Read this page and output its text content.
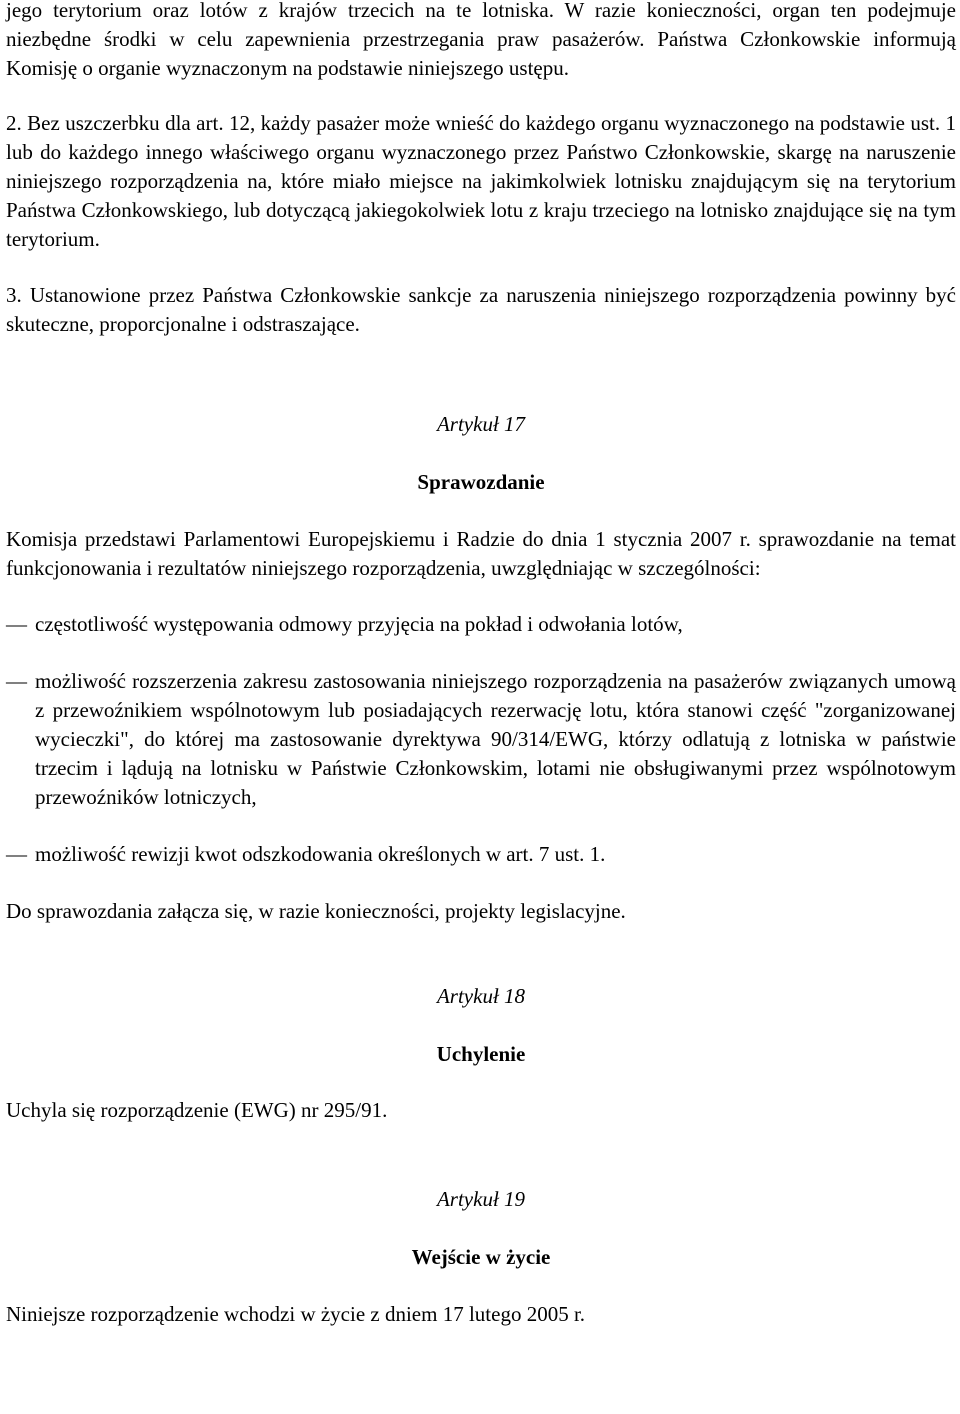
jego terytorium oraz lotów z krajów trzecich na te lotniska. W razie konieczności, organ ten podejmuje niezbędne środki w celu zapewnienia przestrzegania praw pasażerów. Państwa Członkowskie informują Komisję o organie wyznaczonym na podstawie niniejszego ustępu.

2. Bez uszczerbku dla art. 12, każdy pasażer może wnieść do każdego organu wyznaczonego na podstawie ust. 1 lub do każdego innego właściwego organu wyznaczonego przez Państwo Członkowskie, skargę na naruszenie niniejszego rozporządzenia na, które miało miejsce na jakimkolwiek lotnisku znajdującym się na terytorium Państwa Członkowskiego, lub dotyczącą jakiegokolwiek lotu z kraju trzeciego na lotnisko znajdujące się na tym terytorium.

3. Ustanowione przez Państwa Członkowskie sankcje za naruszenia niniejszego rozporządzenia powinny być skuteczne, proporcjonalne i odstraszające.

Artykuł 17

Sprawozdanie

Komisja przedstawi Parlamentowi Europejskiemu i Radzie do dnia 1 stycznia 2007 r. sprawozdanie na temat funkcjonowania i rezultatów niniejszego rozporządzenia, uwzględniając w szczególności:

— częstotliwość występowania odmowy przyjęcia na pokład i odwołania lotów,

— możliwość rozszerzenia zakresu zastosowania niniejszego rozporządzenia na pasażerów związanych umową z przewoźnikiem wspólnotowym lub posiadających rezerwację lotu, która stanowi część "zorganizowanej wycieczki", do której ma zastosowanie dyrektywa 90/314/EWG, którzy odlatują z lotniska w państwie trzecim i lądują na lotnisku w Państwie Członkowskim, lotami nie obsługiwanymi przez wspólnotowym przewoźników lotniczych,

— możliwość rewizji kwot odszkodowania określonych w art. 7 ust. 1.

Do sprawozdania załącza się, w razie konieczności, projekty legislacyjne.

Artykuł 18

Uchylenie

Uchyla się rozporządzenie (EWG) nr 295/91.

Artykuł 19

Wejście w życie

Niniejsze rozporządzenie wchodzi w życie z dniem 17 lutego 2005 r.
